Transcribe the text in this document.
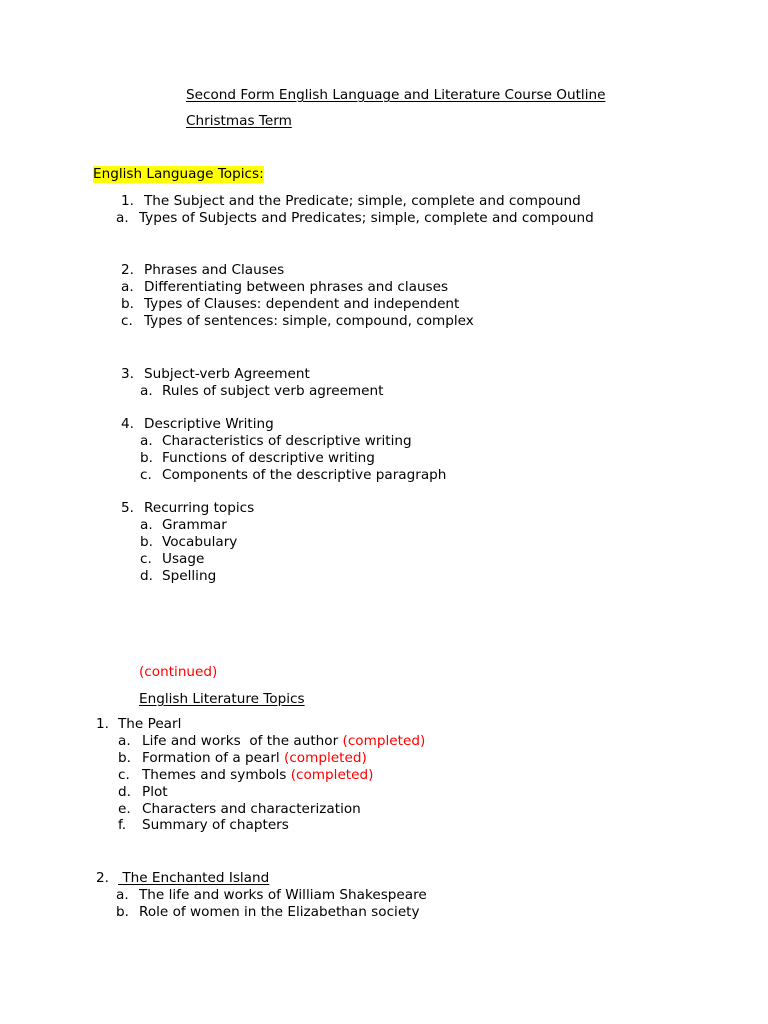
Second Form English Language and Literature Course Outline
Christmas Term
English Language Topics:
1. The Subject and the Predicate; simple, complete and compound
a. Types of Subjects and Predicates; simple, complete and compound
2. Phrases and Clauses
a. Differentiating between phrases and clauses
b. Types of Clauses: dependent and independent
c. Types of sentences: simple, compound, complex
3. Subject-verb Agreement
a. Rules of subject verb agreement
4. Descriptive Writing
a. Characteristics of descriptive writing
b. Functions of descriptive writing
c. Components of the descriptive paragraph
5. Recurring topics
a. Grammar
b. Vocabulary
c. Usage
d. Spelling
(continued)
English Literature Topics
1. The Pearl
a. Life and works  of the author (completed)
b. Formation of a pearl (completed)
c. Themes and symbols (completed)
d. Plot
e. Characters and characterization
f. Summary of chapters
2. The Enchanted Island
a. The life and works of William Shakespeare
b. Role of women in the Elizabethan society
